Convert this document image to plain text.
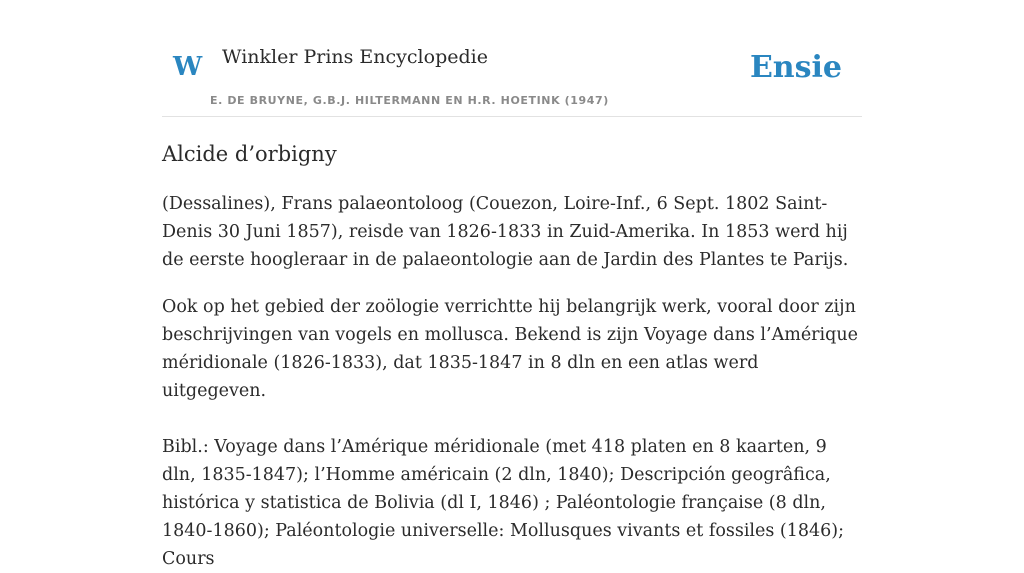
W Winkler Prins Encyclopedie
E. DE BRUYNE, G.B.J. HILTERMANN EN H.R. HOETINK (1947)
Ensie
Alcide d’orbigny

(Dessalines), Frans palaeontoloog (Couezon, Loire-Inf., 6 Sept. 1802 Saint-Denis 30 Juni 1857), reisde van 1826-1833 in Zuid-Amerika. In 1853 werd hij de eerste hoogleraar in de palaeontologie aan de Jardin des Plantes te Parijs.

Ook op het gebied der zoölogie verrichtte hij belangrijk werk, vooral door zijn beschrijvingen van vogels en mollusca. Bekend is zijn Voyage dans l’Amérique méridionale (1826-1833), dat 1835-1847 in 8 dln en een atlas werd uitgegeven.

Bibl.: Voyage dans l’Amérique méridionale (met 418 platen en 8 kaarten, 9 dln, 1835-1847); l’Homme américain (2 dln, 1840); Descripción geogrâfica, histórica y statistica de Bolivia (dl I, 1846) ; Paléontologie française (8 dln, 1840-1860); Paléontologie universelle: Mollusques vivants et fossiles (1846); Cours
